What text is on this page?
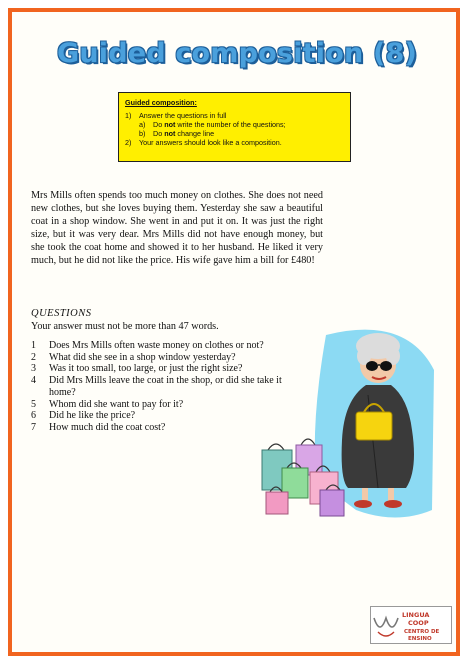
Guided composition (8)
Guided composition:
1)	Answer the questions in full
a)	Do not write the number of the questions;
b)	Do not change line
2)	Your answers should look like a composition.
Mrs Mills often spends too much money on clothes. She does not need new clothes, but she loves buying them. Yesterday she saw a beautiful coat in a shop window. She went in and put it on. It was just the right size, but it was very dear. Mrs Mills did not have enough money, but she took the coat home and showed it to her husband. He liked it very much, but he did not like the price. His wife gave him a bill for £480!
QUESTIONS
Your answer must not be more than 47 words.
1	Does Mrs Mills often waste money on clothes or not?
2	What did she see in a shop window yesterday?
3	Was it too small, too large, or just the right size?
4	Did Mrs Mills leave the coat in the shop, or did she take it home?
5	Whom did she want to pay for it?
6	Did he like the price?
7	How much did the coat cost?
LINGUA
COOP
CENTRO DE
ENSINO
